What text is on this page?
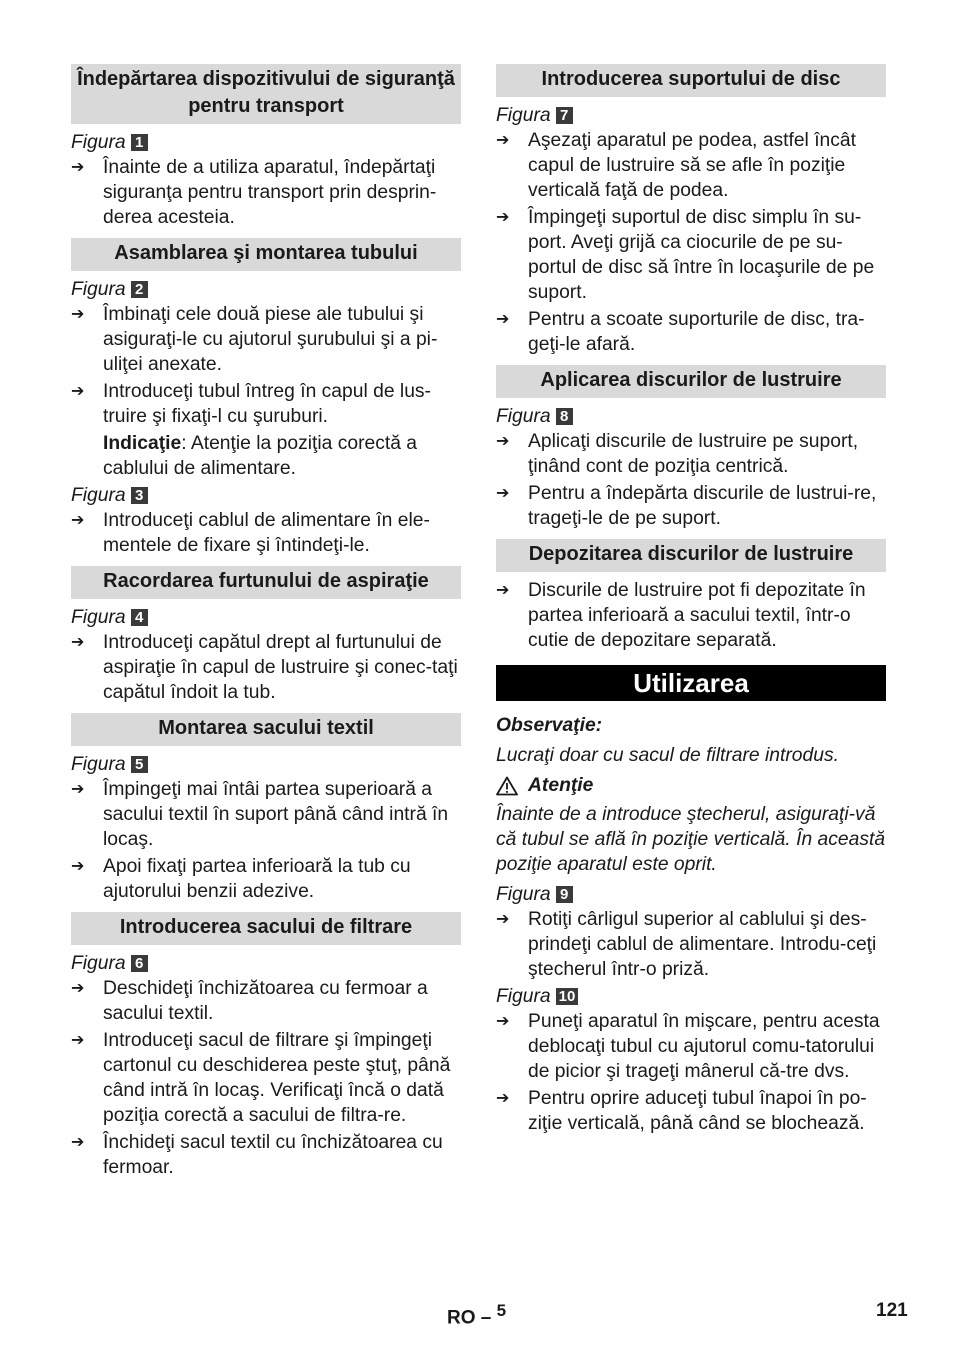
Îndepărtarea dispozitivului de siguranţă pentru transport

Figura 1

➔ Înainte de a utiliza aparatul, îndepărtaţi siguranţa pentru transport prin desprin-derea acesteia.
Asamblarea şi montarea tubului

Figura 2

➔ Îmbinaţi cele două piese ale tubului şi asiguraţi-le cu ajutorul şurubului şi a pi-uliţei anexate.
➔ Introduceţi tubul întreg în capul de lus-truire şi fixaţi-l cu şuruburi.

Indicaţie: Atenţie la poziţia corectă a cablului de alimentare.

Figura 3

➔ Introduceţi cablul de alimentare în ele-mentele de fixare şi întindeţi-le.
Racordarea furtunului de aspiraţie

Figura 4

➔ Introduceţi capătul drept al furtunului de aspiraţie în capul de lustruire şi conec-taţi capătul îndoit la tub.
Montarea sacului textil

Figura 5

➔ Împingeţi mai întâi partea superioară a sacului textil în suport până când intră în locaş.
➔ Apoi fixaţi partea inferioară la tub cu ajutorului benzii adezive.
Introducerea sacului de filtrare

Figura 6

➔ Deschideţi închizătoarea cu fermoar a sacului textil.
➔ Introduceţi sacul de filtrare şi împingeţi cartonul cu deschiderea peste ştuţ, până când intră în locaş. Verificaţi încă o dată poziţia corectă a sacului de filtra-re.
➔ Închideţi sacul textil cu închizătoarea cu fermoar.
Introducerea suportului de disc

Figura 7

➔ Aşezaţi aparatul pe podea, astfel încât capul de lustruire să se afle în poziţie verticală faţă de podea.
➔ Împingeţi suportul de disc simplu în su-port. Aveţi grijă ca ciocurile de pe su-portul de disc să între în locaşurile de pe suport.
➔ Pentru a scoate suporturile de disc, tra-geţi-le afară.
Aplicarea discurilor de lustruire

Figura 8

➔ Aplicaţi discurile de lustruire pe suport, ţinând cont de poziţia centrică.
➔ Pentru a îndepărta discurile de lustrui-re, trageţi-le de pe suport.
Depozitarea discurilor de lustruire
➔ Discurile de lustruire pot fi depozitate în partea inferioară a sacului textil, într-o cutie de depozitare separată.
Utilizarea

Observaţie:

Lucraţi doar cu sacul de filtrare introdus.

Atenţie

Înainte de a introduce ştecherul, asiguraţi-vă că tubul se află în poziţie verticală. În această poziţie aparatul este oprit.

Figura 9

➔ Rotiţi cârligul superior al cablului şi des-prindeţi cablul de alimentare. Introdu-ceţi ştecherul într-o priză.

Figura 10

➔ Puneţi aparatul în mişcare, pentru acesta deblocaţi tubul cu ajutorul comu-tatorului de picior şi trageţi mânerul că-tre dvs.
➔ Pentru oprire aduceţi tubul înapoi în po-ziţie verticală, până când se blochează.
RO – $^5$	121
